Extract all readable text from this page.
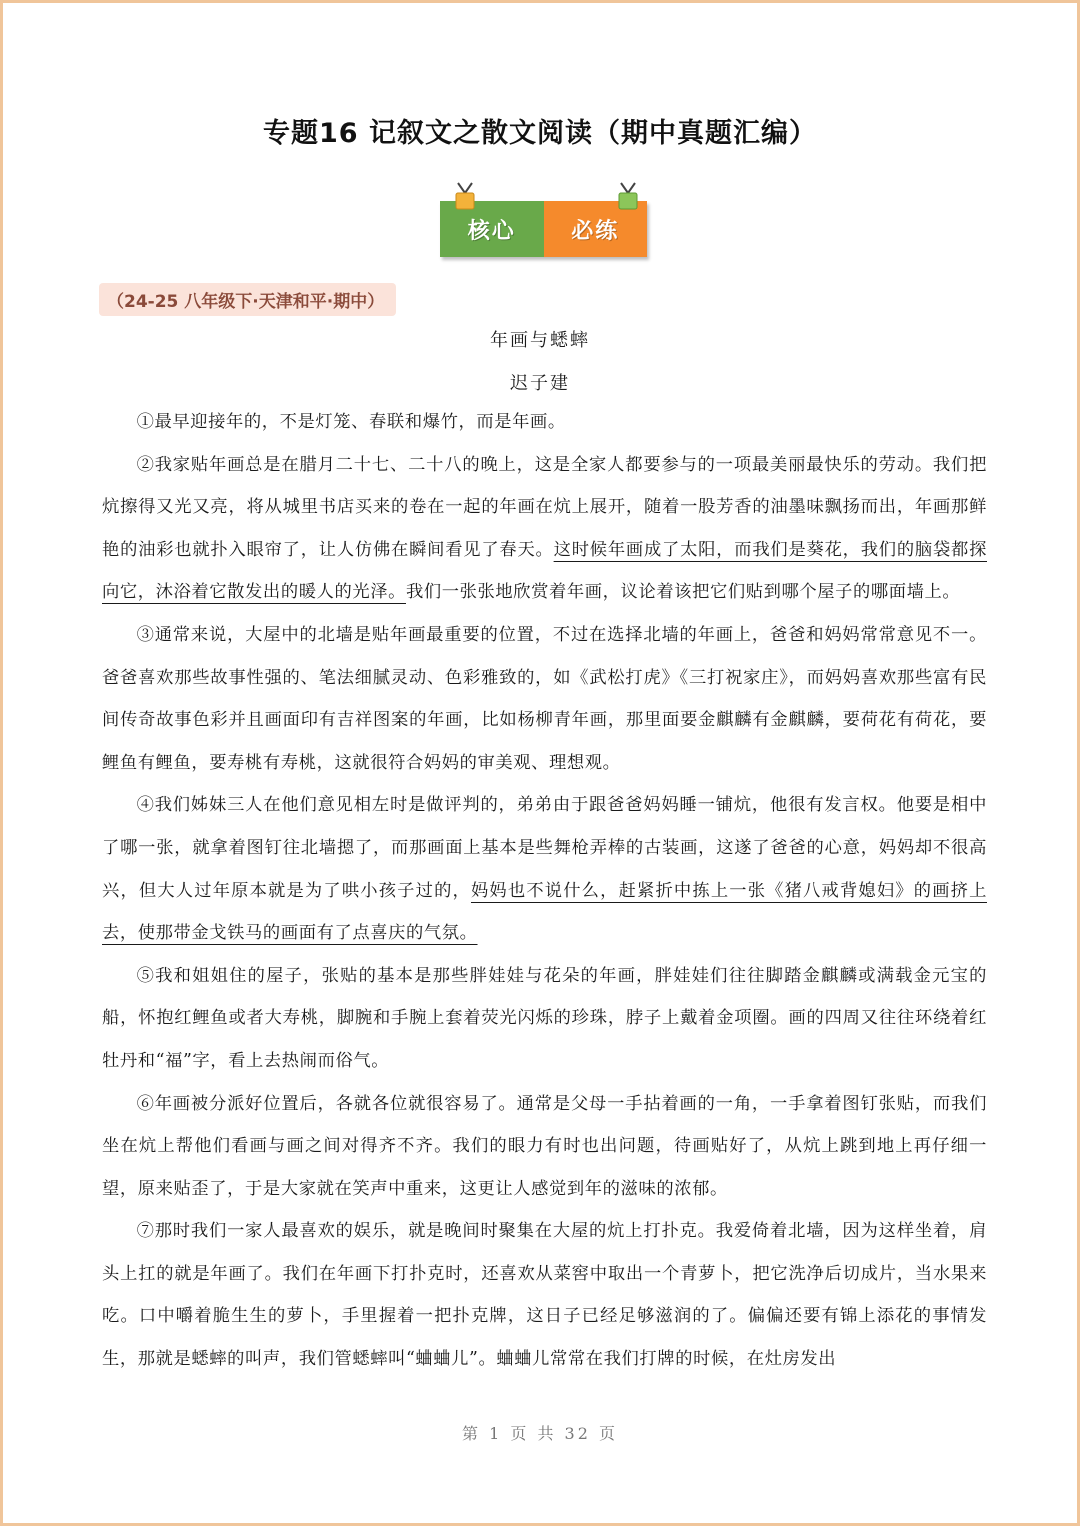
专题16 记叙文之散文阅读（期中真题汇编）
核心	必练
（24-25 八年级下·天津和平·期中）
年画与蟋蟀
迟子建

①最早迎接年的，不是灯笼、春联和爆竹，而是年画。

②我家贴年画总是在腊月二十七、二十八的晚上，这是全家人都要参与的一项最美丽最快乐的劳动。我们把炕擦得又光又亮，将从城里书店买来的卷在一起的年画在炕上展开，随着一股芳香的油墨味飘扬而出，年画那鲜艳的油彩也就扑入眼帘了，让人仿佛在瞬间看见了春天。这时候年画成了太阳，而我们是葵花，我们的脑袋都探向它，沐浴着它散发出的暖人的光泽。我们一张张地欣赏着年画，议论着该把它们贴到哪个屋子的哪面墙上。

③通常来说，大屋中的北墙是贴年画最重要的位置，不过在选择北墙的年画上，爸爸和妈妈常常意见不一。爸爸喜欢那些故事性强的、笔法细腻灵动、色彩雅致的，如《武松打虎》《三打祝家庄》，而妈妈喜欢那些富有民间传奇故事色彩并且画面印有吉祥图案的年画，比如杨柳青年画，那里面要金麒麟有金麒麟，要荷花有荷花，要鲤鱼有鲤鱼，要寿桃有寿桃，这就很符合妈妈的审美观、理想观。

④我们姊妹三人在他们意见相左时是做评判的，弟弟由于跟爸爸妈妈睡一铺炕，他很有发言权。他要是相中了哪一张，就拿着图钉往北墙摁了，而那画面上基本是些舞枪弄棒的古装画，这遂了爸爸的心意，妈妈却不很高兴，但大人过年原本就是为了哄小孩子过的，妈妈也不说什么，赶紧折中拣上一张《猪八戒背媳妇》的画挤上去，使那带金戈铁马的画面有了点喜庆的气氛。

⑤我和姐姐住的屋子，张贴的基本是那些胖娃娃与花朵的年画，胖娃娃们往往脚踏金麒麟或满载金元宝的船，怀抱红鲤鱼或者大寿桃，脚腕和手腕上套着荧光闪烁的珍珠，脖子上戴着金项圈。画的四周又往往环绕着红牡丹和“福”字，看上去热闹而俗气。

⑥年画被分派好位置后，各就各位就很容易了。通常是父母一手拈着画的一角，一手拿着图钉张贴，而我们坐在炕上帮他们看画与画之间对得齐不齐。我们的眼力有时也出问题，待画贴好了，从炕上跳到地上再仔细一望，原来贴歪了，于是大家就在笑声中重来，这更让人感觉到年的滋味的浓郁。

⑦那时我们一家人最喜欢的娱乐，就是晚间时聚集在大屋的炕上打扑克。我爱倚着北墙，因为这样坐着，肩头上扛的就是年画了。我们在年画下打扑克时，还喜欢从菜窖中取出一个青萝卜，把它洗净后切成片，当水果来吃。口中嚼着脆生生的萝卜，手里握着一把扑克牌，这日子已经足够滋润的了。偏偏还要有锦上添花的事情发生，那就是蟋蟀的叫声，我们管蟋蟀叫“蛐蛐儿”。蛐蛐儿常常在我们打牌的时候，在灶房发出

第 1 页 共 32 页
